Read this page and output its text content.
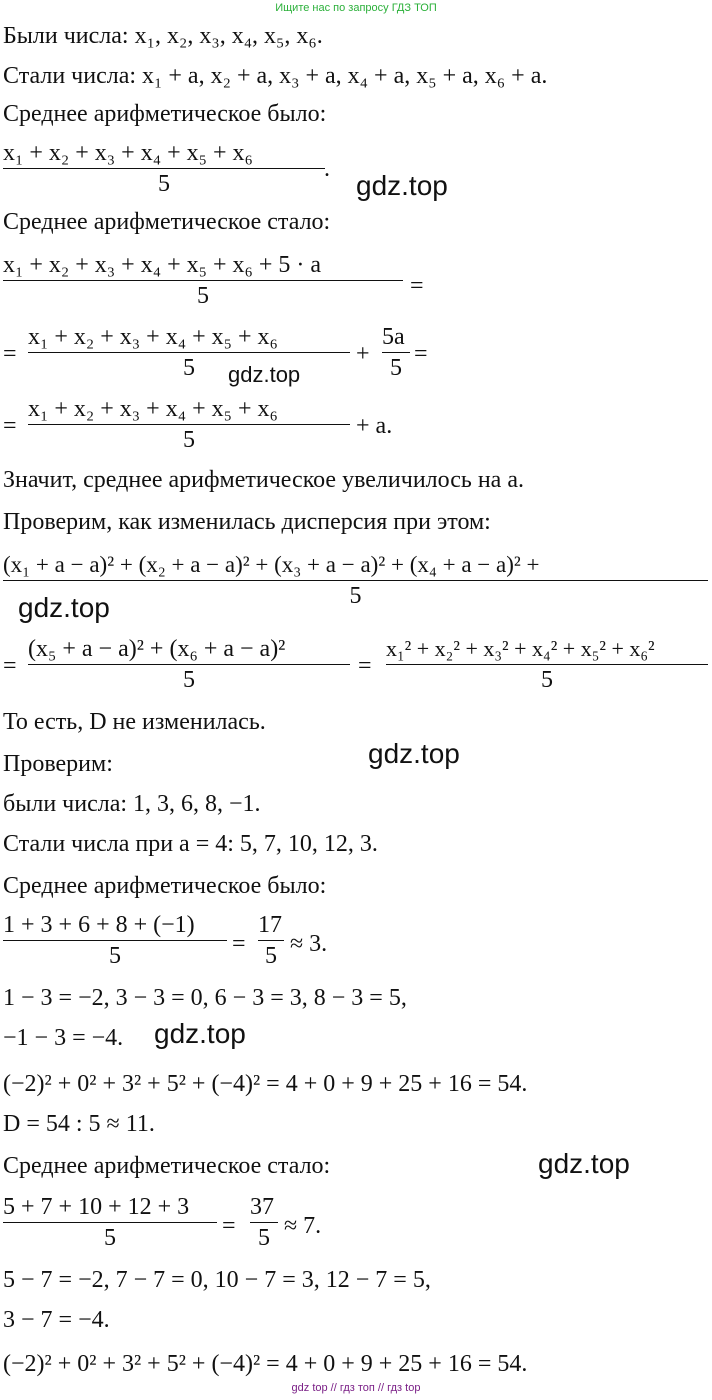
Ищите нас по запросу ГДЗ ТОП
Были числа: x₁, x₂, x₃, x₄, x₅, x₆.
Стали числа: x₁ + a, x₂ + a, x₃ + a, x₄ + a, x₅ + a, x₆ + a.
Среднее арифметическое было:
x₁ + x₂ + x₃ + x₄ + x₅ + x₆
5
.
gdz.top
Среднее арифметическое стало:
x₁ + x₂ + x₃ + x₄ + x₅ + x₆ + 5 · a
5	=
=
x₁ + x₂ + x₃ + x₄ + x₅ + x₆
5
+
5a
5
=
gdz.top
=
x₁ + x₂ + x₃ + x₄ + x₅ + x₆
5
+ a.
Значит, среднее арифметическое увеличилось на a.
Проверим, как изменилась дисперсия при этом:
(x₁ + a − a)² + (x₂ + a − a)² + (x₃ + a − a)² + (x₄ + a − a)² +
5
gdz.top
=
(x₅ + a − a)² + (x₆ + a − a)²
5
=
x₁² + x₂² + x₃² + x₄² + x₅² + x₆²
5
То есть, D не изменилась.
gdz.top
Проверим:
были числа: 1, 3, 6, 8, −1.
Стали числа при a = 4: 5, 7, 10, 12, 3.
Среднее арифметическое было:
1 + 3 + 6 + 8 + (−1)
5	=
17
5 ≈ 3.
1 − 3 = −2, 3 − 3 = 0, 6 − 3 = 3, 8 − 3 = 5,
−1 − 3 = −4. gdz.top
(−2)² + 0² + 3² + 5² + (−4)² = 4 + 0 + 9 + 25 + 16 = 54.
D = 54 : 5 ≈ 11.
Среднее арифметическое стало:	gdz.top
5 + 7 + 10 + 12 + 3
5	=
37
5 ≈ 7.
5 − 7 = −2, 7 − 7 = 0, 10 − 7 = 3, 12 − 7 = 5,
3 − 7 = −4.
(−2)² + 0² + 3² + 5² + (−4)² = 4 + 0 + 9 + 25 + 16 = 54.
gdz top // гдз топ // гдз top
